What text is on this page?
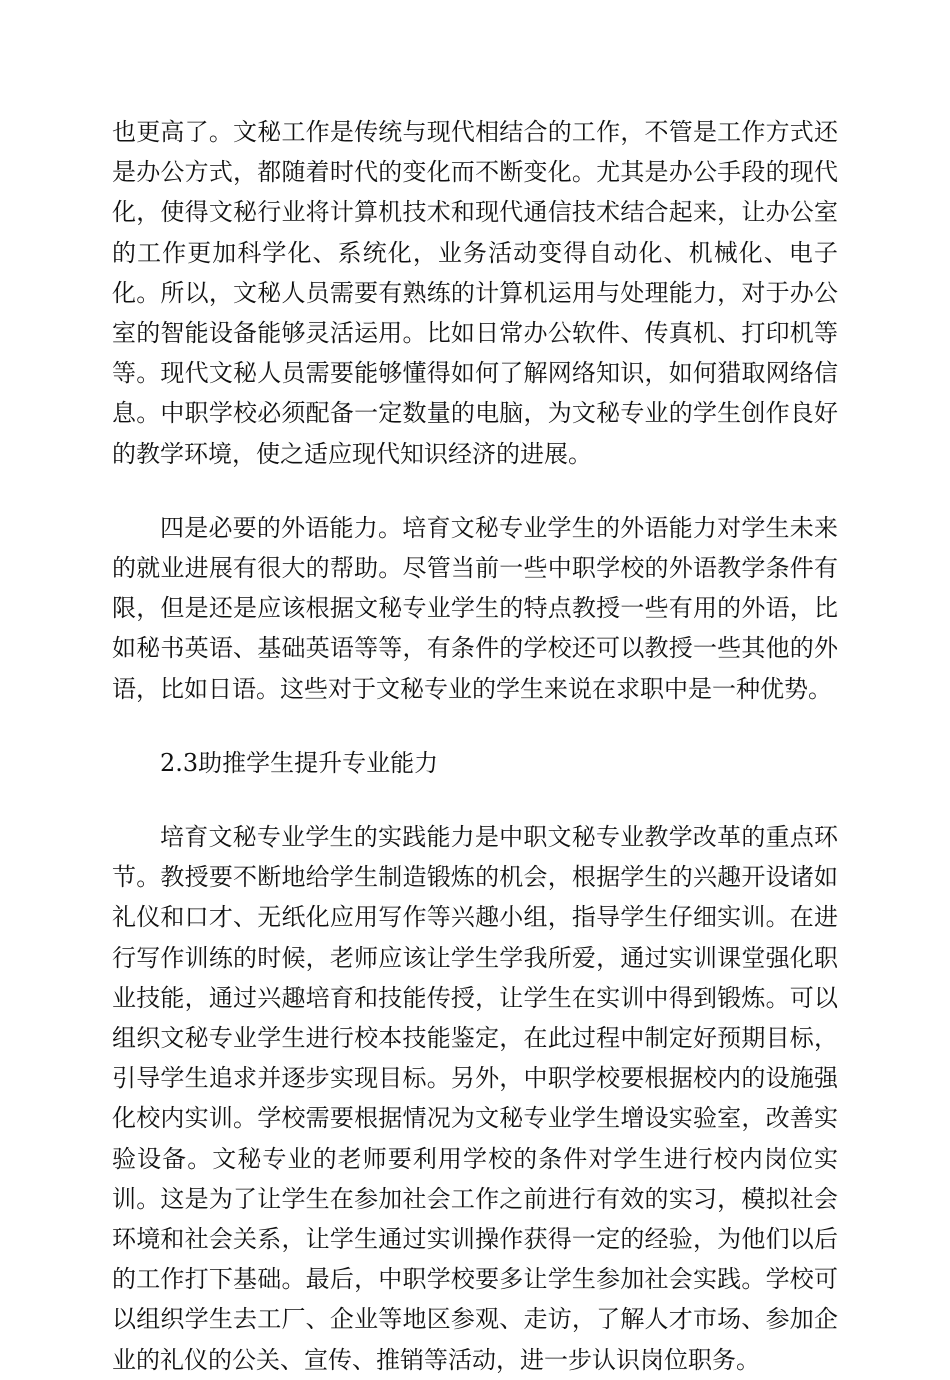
也更高了。文秘工作是传统与现代相结合的工作，不管是工作方式还是办公方式，都随着时代的变化而不断变化。尤其是办公手段的现代化，使得文秘行业将计算机技术和现代通信技术结合起来，让办公室的工作更加科学化、系统化，业务活动变得自动化、机械化、电子化。所以，文秘人员需要有熟练的计算机运用与处理能力，对于办公室的智能设备能够灵活运用。比如日常办公软件、传真机、打印机等等。现代文秘人员需要能够懂得如何了解网络知识，如何猎取网络信息。中职学校必须配备一定数量的电脑，为文秘专业的学生创作良好的教学环境，使之适应现代知识经济的进展。

四是必要的外语能力。培育文秘专业学生的外语能力对学生未来的就业进展有很大的帮助。尽管当前一些中职学校的外语教学条件有限，但是还是应该根据文秘专业学生的特点教授一些有用的外语，比如秘书英语、基础英语等等，有条件的学校还可以教授一些其他的外语，比如日语。这些对于文秘专业的学生来说在求职中是一种优势。

2.3助推学生提升专业能力

培育文秘专业学生的实践能力是中职文秘专业教学改革的重点环节。教授要不断地给学生制造锻炼的机会，根据学生的兴趣开设诸如礼仪和口才、无纸化应用写作等兴趣小组，指导学生仔细实训。在进行写作训练的时候，老师应该让学生学我所爱，通过实训课堂强化职业技能，通过兴趣培育和技能传授，让学生在实训中得到锻炼。可以组织文秘专业学生进行校本技能鉴定，在此过程中制定好预期目标，引导学生追求并逐步实现目标。另外，中职学校要根据校内的设施强化校内实训。学校需要根据情况为文秘专业学生增设实验室，改善实验设备。文秘专业的老师要利用学校的条件对学生进行校内岗位实训。这是为了让学生在参加社会工作之前进行有效的实习，模拟社会环境和社会关系，让学生通过实训操作获得一定的经验，为他们以后的工作打下基础。最后，中职学校要多让学生参加社会实践。学校可以组织学生去工厂、企业等地区参观、走访，了解人才市场、参加企业的礼仪的公关、宣传、推销等活动，进一步认识岗位职务。
